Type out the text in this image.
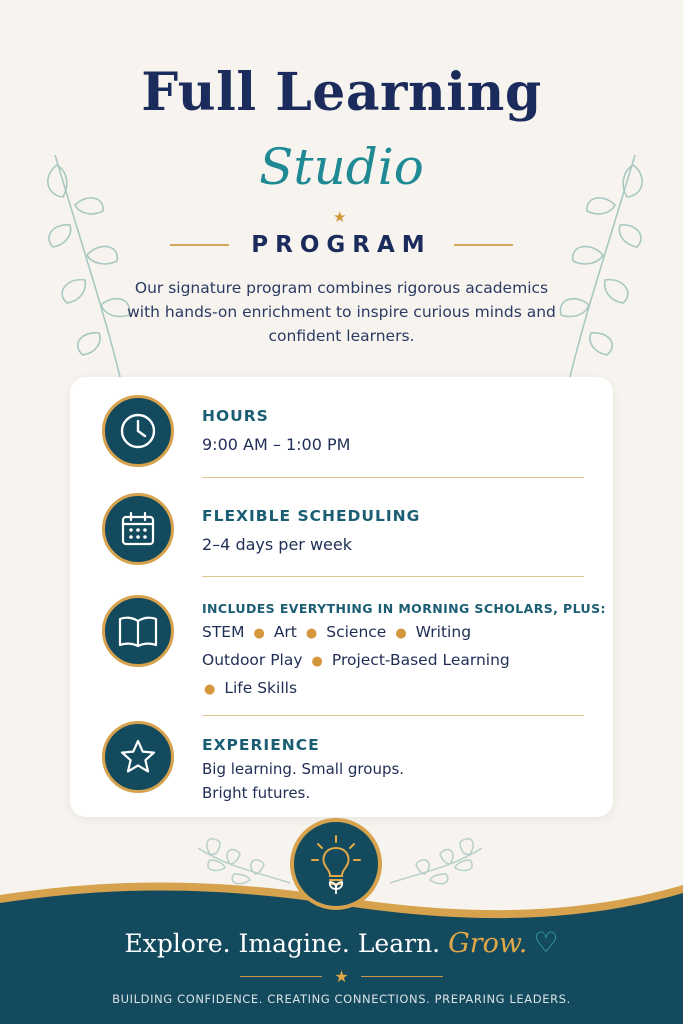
Full Learning
Studio
★
PROGRAM
Our signature program combines rigorous academics with hands-on enrichment to inspire curious minds and confident learners.
HOURS
9:00 AM – 1:00 PM
FLEXIBLE SCHEDULING
2–4 days per week
INCLUDES EVERYTHING IN MORNING SCHOLARS, PLUS:
STEM ● Art ● Science ● Writing
Outdoor Play ● Project-Based Learning
● Life Skills
EXPERIENCE
Big learning. Small groups.
Bright futures.
Explore. Imagine. Learn. Grow. ♡
★
BUILDING CONFIDENCE. CREATING CONNECTIONS. PREPARING LEADERS.
